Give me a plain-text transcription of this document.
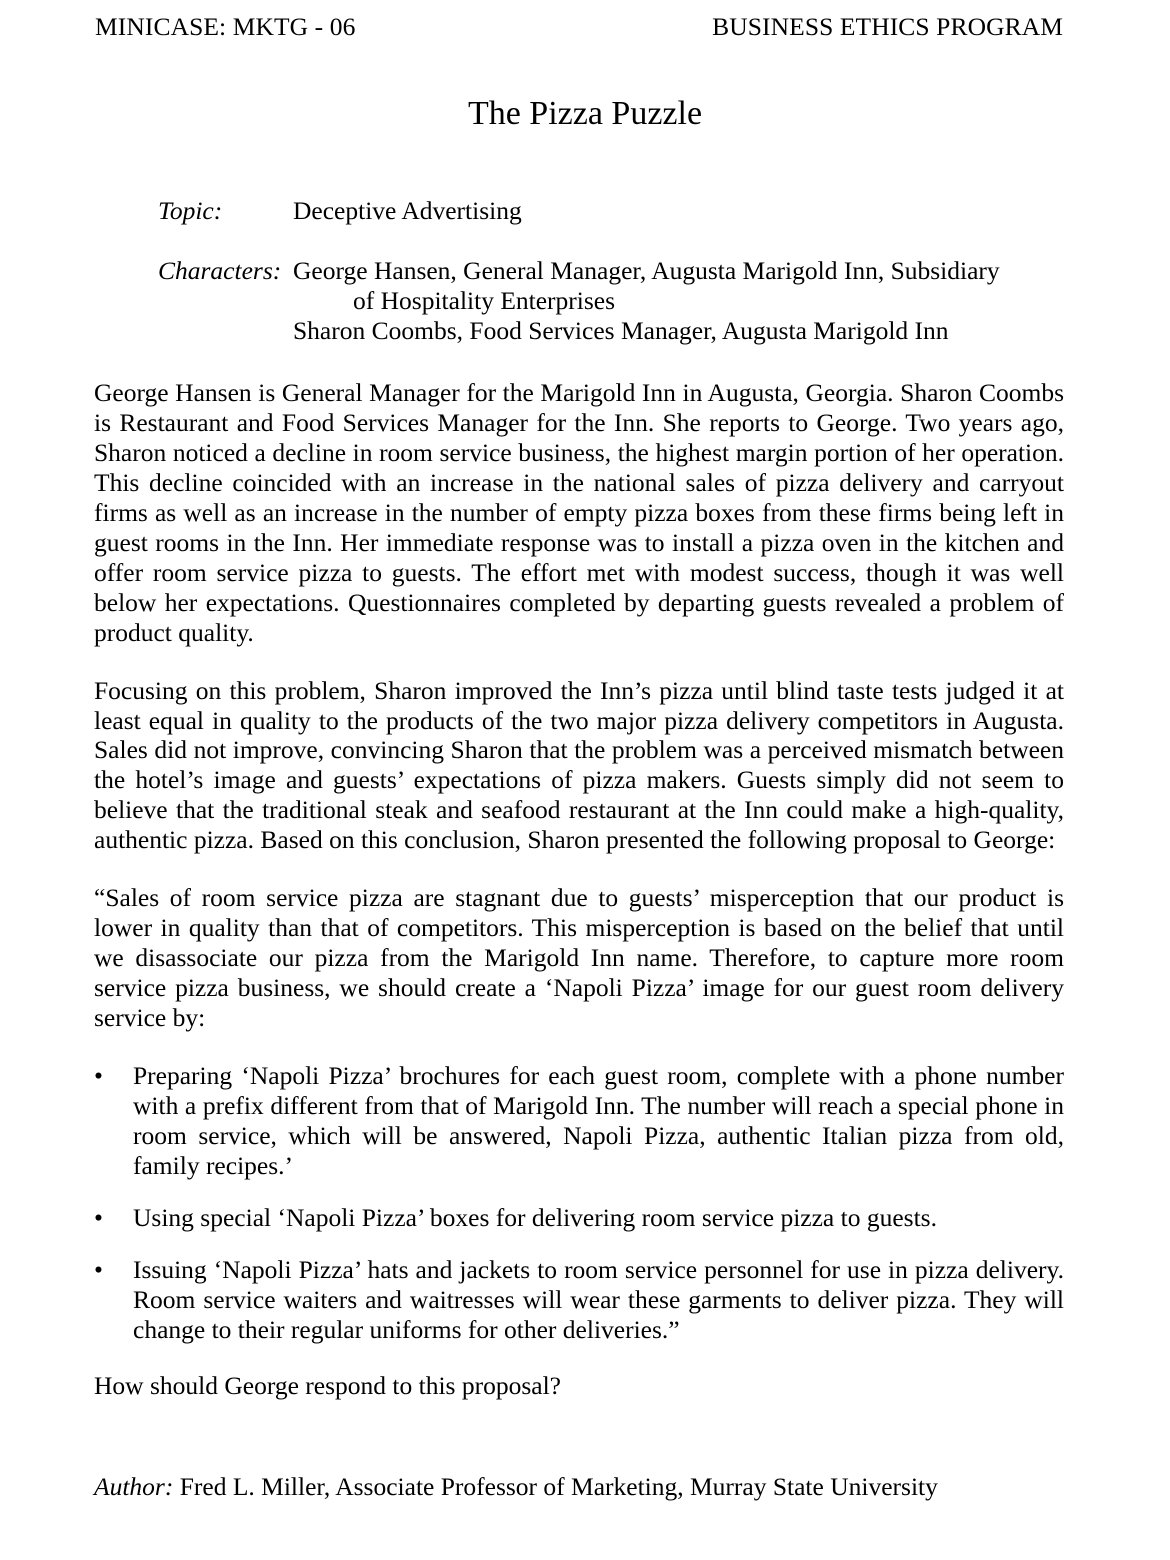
MINICASE: MKTG - 06	BUSINESS ETHICS PROGRAM
The Pizza Puzzle
Topic:	Deceptive Advertising
Characters: George Hansen, General Manager, Augusta Marigold Inn, Subsidiary
of Hospitality Enterprises
Sharon Coombs, Food Services Manager, Augusta Marigold Inn

George Hansen is General Manager for the Marigold Inn in Augusta, Georgia. Sharon Coombs is Restaurant and Food Services Manager for the Inn. She reports to George. Two years ago, Sharon noticed a decline in room service business, the highest margin portion of her operation. This decline coincided with an increase in the national sales of pizza delivery and carryout firms as well as an increase in the number of empty pizza boxes from these firms being left in guest rooms in the Inn. Her immediate response was to install a pizza oven in the kitchen and offer room service pizza to guests. The effort met with modest success, though it was well below her expectations. Questionnaires completed by departing guests revealed a problem of product quality.

Focusing on this problem, Sharon improved the Inn’s pizza until blind taste tests judged it at least equal in quality to the products of the two major pizza delivery competitors in Augusta. Sales did not improve, convincing Sharon that the problem was a perceived mismatch between the hotel’s image and guests’ expectations of pizza makers. Guests simply did not seem to believe that the traditional steak and seafood restaurant at the Inn could make a high-quality, authentic pizza. Based on this conclusion, Sharon presented the following proposal to George:

“Sales of room service pizza are stagnant due to guests’ misperception that our product is lower in quality than that of competitors. This misperception is based on the belief that until we disassociate our pizza from the Marigold Inn name. Therefore, to capture more room service pizza business, we should create a ‘Napoli Pizza’ image for our guest room delivery service by:

• Preparing ‘Napoli Pizza’ brochures for each guest room, complete with a phone number with a prefix different from that of Marigold Inn. The number will reach a special phone in room service, which will be answered, Napoli Pizza, authentic Italian pizza from old, family recipes.’
• Using special ‘Napoli Pizza’ boxes for delivering room service pizza to guests.
• Issuing ‘Napoli Pizza’ hats and jackets to room service personnel for use in pizza delivery. Room service waiters and waitresses will wear these garments to deliver pizza. They will change to their regular uniforms for other deliveries.”

How should George respond to this proposal?

Author: Fred L. Miller, Associate Professor of Marketing, Murray State University
